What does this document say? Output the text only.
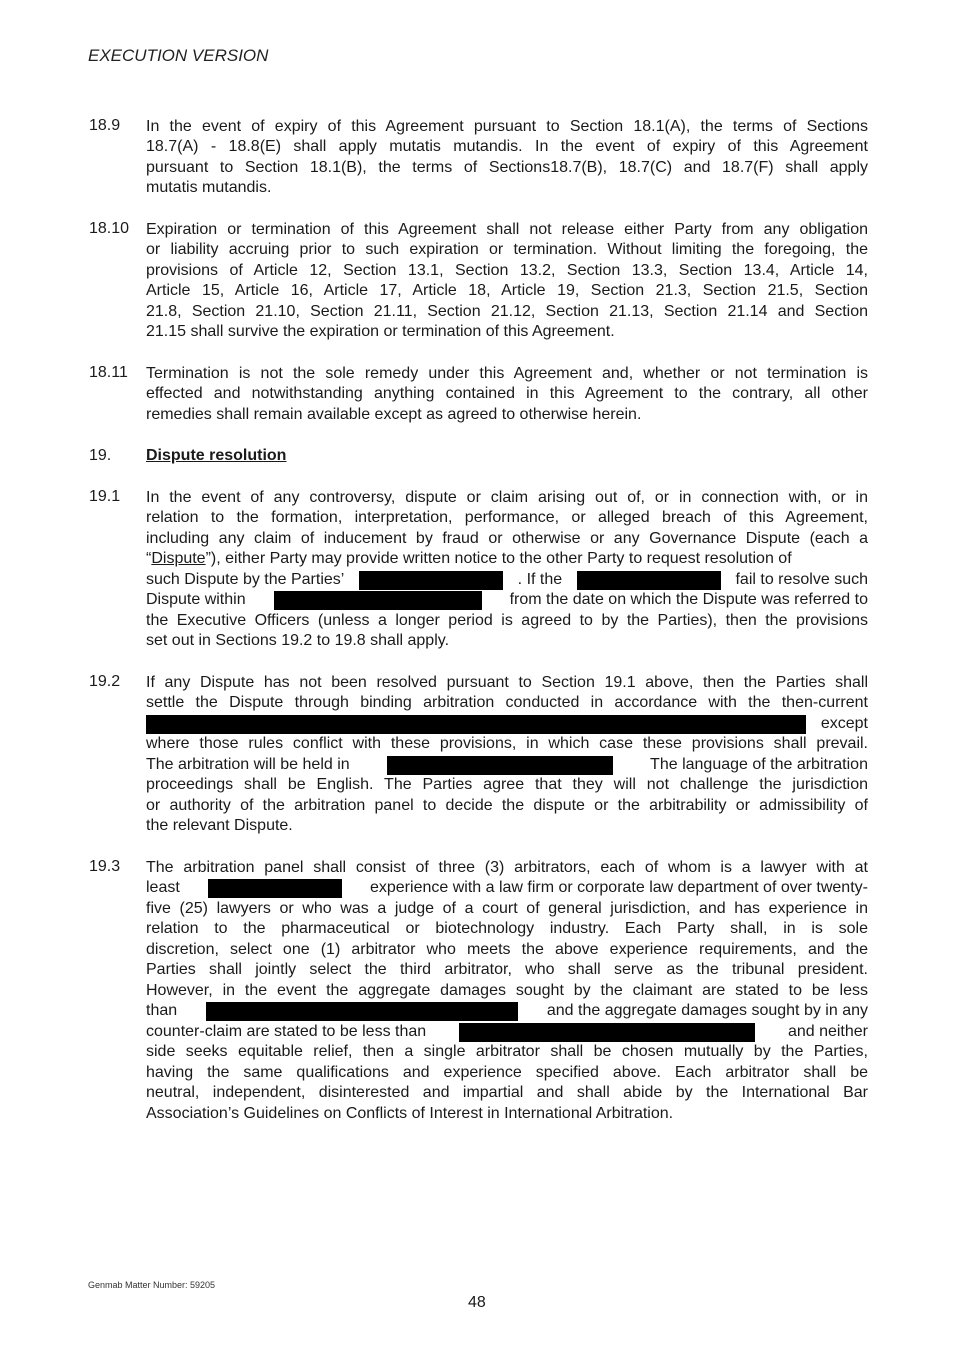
EXECUTION VERSION
18.9 In the event of expiry of this Agreement pursuant to Section 18.1(A), the terms of Sections
18.7(A) - 18.8(E) shall apply mutatis mutandis. In the event of expiry of this Agreement
pursuant to Section 18.1(B), the terms of Sections18.7(B), 18.7(C) and 18.7(F) shall apply
mutatis mutandis.
18.10 Expiration or termination of this Agreement shall not release either Party from any obligation
or liability accruing prior to such expiration or termination. Without limiting the foregoing, the
provisions of Article 12, Section 13.1, Section 13.2, Section 13.3, Section 13.4, Article 14,
Article 15, Article 16, Article 17, Article 18, Article 19, Section 21.3, Section 21.5, Section
21.8, Section 21.10, Section 21.11, Section 21.12, Section 21.13, Section 21.14 and Section
21.15 shall survive the expiration or termination of this Agreement.
18.11 Termination is not the sole remedy under this Agreement and, whether or not termination is
effected and notwithstanding anything contained in this Agreement to the contrary, all other
remedies shall remain available except as agreed to otherwise herein.
19. Dispute resolution
19.1 In the event of any controversy, dispute or claim arising out of, or in connection with, or in
relation to the formation, interpretation, performance, or alleged breach of this Agreement,
including any claim of inducement by fraud or otherwise or any Governance Dispute (each a
“Dispute”), either Party may provide written notice to the other Party to request resolution of
such Dispute by the Parties’	. If the	fail to resolve such
Dispute within	from the date on which the Dispute was referred to
the Executive Officers (unless a longer period is agreed to by the Parties), then the provisions
set out in Sections 19.2 to 19.8 shall apply.
19.2 If any Dispute has not been resolved pursuant to Section 19.1 above, then the Parties shall
settle the Dispute through binding arbitration conducted in accordance with the then-current
except
where those rules conflict with these provisions, in which case these provisions shall prevail.
The arbitration will be held in	The language of the arbitration
proceedings shall be English. The Parties agree that they will not challenge the jurisdiction
or authority of the arbitration panel to decide the dispute or the arbitrability or admissibility of
the relevant Dispute.
19.3 The arbitration panel shall consist of three (3) arbitrators, each of whom is a lawyer with at
least	experience with a law firm or corporate law department of over twenty-
five (25) lawyers or who was a judge of a court of general jurisdiction, and has experience in
relation to the pharmaceutical or biotechnology industry. Each Party shall, in is sole
discretion, select one (1) arbitrator who meets the above experience requirements, and the
Parties shall jointly select the third arbitrator, who shall serve as the tribunal president.
However, in the event the aggregate damages sought by the claimant are stated to be less
than	and the aggregate damages sought by in any
counter-claim are stated to be less than	and neither
side seeks equitable relief, then a single arbitrator shall be chosen mutually by the Parties,
having the same qualifications and experience specified above. Each arbitrator shall be
neutral, independent, disinterested and impartial and shall abide by the International Bar
Association’s Guidelines on Conflicts of Interest in International Arbitration.
Genmab Matter Number: 59205
48
